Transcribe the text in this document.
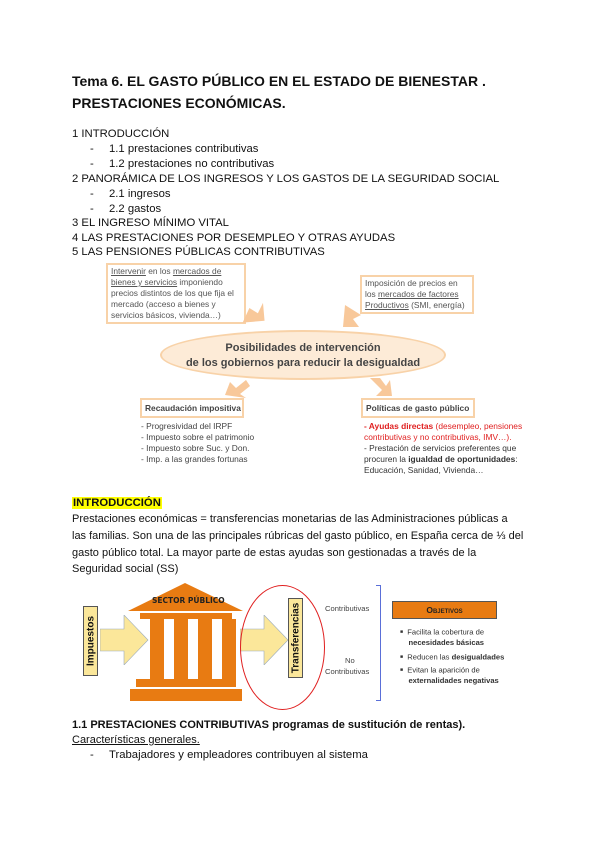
Tema 6. EL GASTO PÚBLICO EN EL ESTADO DE BIENESTAR .
PRESTACIONES ECONÓMICAS.
1 INTRODUCCIÓN
- 1.1 prestaciones contributivas
- 1.2 prestaciones no contributivas
2 PANORÁMICA DE LOS INGRESOS Y LOS GASTOS DE LA SEGURIDAD SOCIAL
- 2.1 ingresos
- 2.2 gastos
3 EL INGRESO MÍNIMO VITAL
4 LAS PRESTACIONES POR DESEMPLEO Y OTRAS AYUDAS
5 LAS PENSIONES PÚBLICAS CONTRIBUTIVAS
Intervenir en los mercados de bienes y servicios imponiendo precios distintos de los que fija el mercado (acceso a bienes y servicios básicos, vivienda…)
Imposición de precios en los mercados de factores Productivos (SMI, energía)
Posibilidades de intervención
de los gobiernos para reducir la desigualdad
Recaudación impositiva
- Progresividad del IRPF
- Impuesto sobre el patrimonio
- Impuesto sobre Suc. y Don.
- Imp. a las grandes fortunas
Políticas de gasto público
- Ayudas directas (desempleo, pensiones contributivas y no contributivas, IMV…).
- Prestación de servicios preferentes que procuren la igualdad de oportunidades: Educación, Sanidad, Vivienda…
INTRODUCCIÓN
Prestaciones económicas = transferencias monetarias de las Administraciones públicas a
las familias. Son una de las principales rúbricas del gasto público, en España cerca de ⅓ del
gasto público total. La mayor parte de estas ayudas son gestionadas a través de la
Seguridad social (SS)
Impuestos
SECTOR PÚBLICO
Transferencias	Contributivas
No
Contributivas
Objetivos
■ Facilita la cobertura de
necesidades básicas
■ Reducen las desigualdades
■ Evitan la aparición de
externalidades negativas
1.1 PRESTACIONES CONTRIBUTIVAS programas de sustitución de rentas).
Características generales.
- Trabajadores y empleadores contribuyen al sistema
